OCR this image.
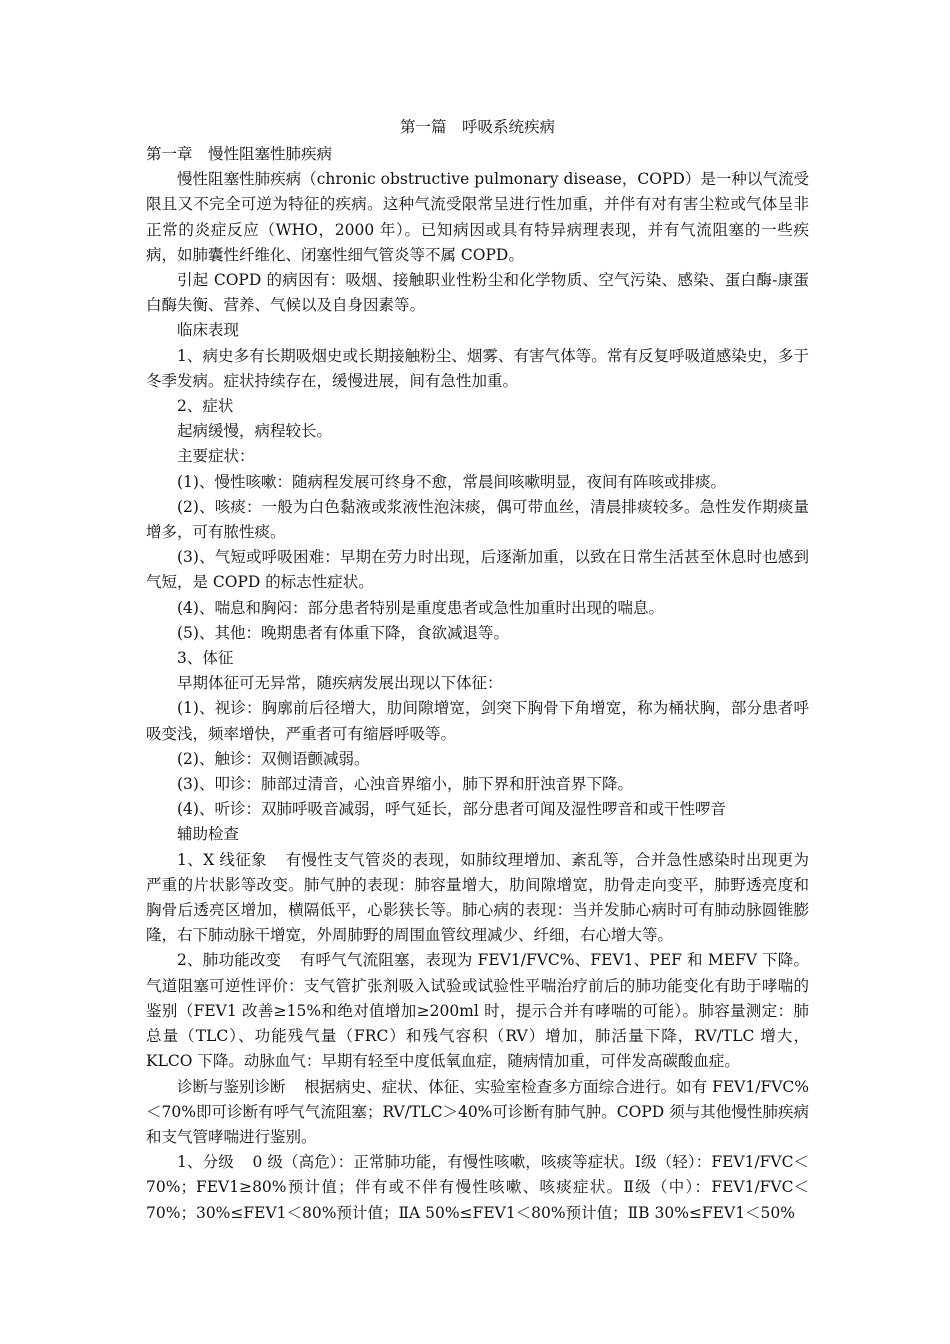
第一篇　呼吸系统疾病
第一章　慢性阻塞性肺疾病

慢性阻塞性肺疾病（chronic obstructive pulmonary disease，COPD）是一种以气流受限且又不完全可逆为特征的疾病。这种气流受限常呈进行性加重，并伴有对有害尘粒或气体呈非正常的炎症反应（WHO，2000 年）。已知病因或具有特异病理表现，并有气流阻塞的一些疾病，如肺囊性纤维化、闭塞性细气管炎等不属 COPD。

引起 COPD 的病因有：吸烟、接触职业性粉尘和化学物质、空气污染、感染、蛋白酶-康蛋白酶失衡、营养、气候以及自身因素等。

临床表现

1、病史多有长期吸烟史或长期接触粉尘、烟雾、有害气体等。常有反复呼吸道感染史，多于冬季发病。症状持续存在，缓慢进展，间有急性加重。

2、症状

起病缓慢，病程较长。

主要症状：

(1)、慢性咳嗽：随病程发展可终身不愈，常晨间咳嗽明显，夜间有阵咳或排痰。

(2)、咳痰：一般为白色黏液或浆液性泡沫痰，偶可带血丝，清晨排痰较多。急性发作期痰量增多，可有脓性痰。

(3)、气短或呼吸困难：早期在劳力时出现，后逐渐加重，以致在日常生活甚至休息时也感到气短，是 COPD 的标志性症状。

(4)、喘息和胸闷：部分患者特别是重度患者或急性加重时出现的喘息。

(5)、其他：晚期患者有体重下降，食欲减退等。

3、体征

早期体征可无异常，随疾病发展出现以下体征：

(1)、视诊：胸廓前后径增大，肋间隙增宽，剑突下胸骨下角增宽，称为桶状胸，部分患者呼吸变浅，频率增快，严重者可有缩唇呼吸等。

(2)、触诊：双侧语颤减弱。

(3)、叩诊：肺部过清音，心浊音界缩小，肺下界和肝浊音界下降。

(4)、听诊：双肺呼吸音减弱，呼气延长，部分患者可闻及湿性啰音和或干性啰音

辅助检查

1、X 线征象 有慢性支气管炎的表现，如肺纹理增加、紊乱等，合并急性感染时出现更为严重的片状影等改变。肺气肿的表现：肺容量增大，肋间隙增宽，肋骨走向变平，肺野透亮度和胸骨后透亮区增加，横隔低平，心影狭长等。肺心病的表现：当并发肺心病时可有肺动脉圆锥膨隆，右下肺动脉干增宽，外周肺野的周围血管纹理减少、纤细，右心增大等。

2、肺功能改变 有呼气气流阻塞，表现为 FEV1/FVC%、FEV1、PEF 和 MEFV 下降。气道阻塞可逆性评价：支气管扩张剂吸入试验或试验性平喘治疗前后的肺功能变化有助于哮喘的鉴别（FEV1 改善≥15%和绝对值增加≥200ml 时，提示合并有哮喘的可能）。肺容量测定：肺总量（TLC）、功能残气量（FRC）和残气容积（RV）增加，肺活量下降，RV/TLC 增大，KLCO 下降。动脉血气：早期有轻至中度低氧血症，随病情加重，可伴发高碳酸血症。

诊断与鉴别诊断 根据病史、症状、体征、实验室检查多方面综合进行。如有 FEV1/FVC%＜70%即可诊断有呼气气流阻塞；RV/TLC＞40%可诊断有肺气肿。COPD 须与其他慢性肺疾病和支气管哮喘进行鉴别。

1、分级 0 级（高危）：正常肺功能，有慢性咳嗽，咳痰等症状。Ⅰ级（轻）：FEV1/FVC＜70%；FEV1≥80%预计值；伴有或不伴有慢性咳嗽、咳痰症状。Ⅱ级（中）：FEV1/FVC＜70%；30%≤FEV1＜80%预计值；ⅡA 50%≤FEV1＜80%预计值；ⅡB 30%≤FEV1＜50%
